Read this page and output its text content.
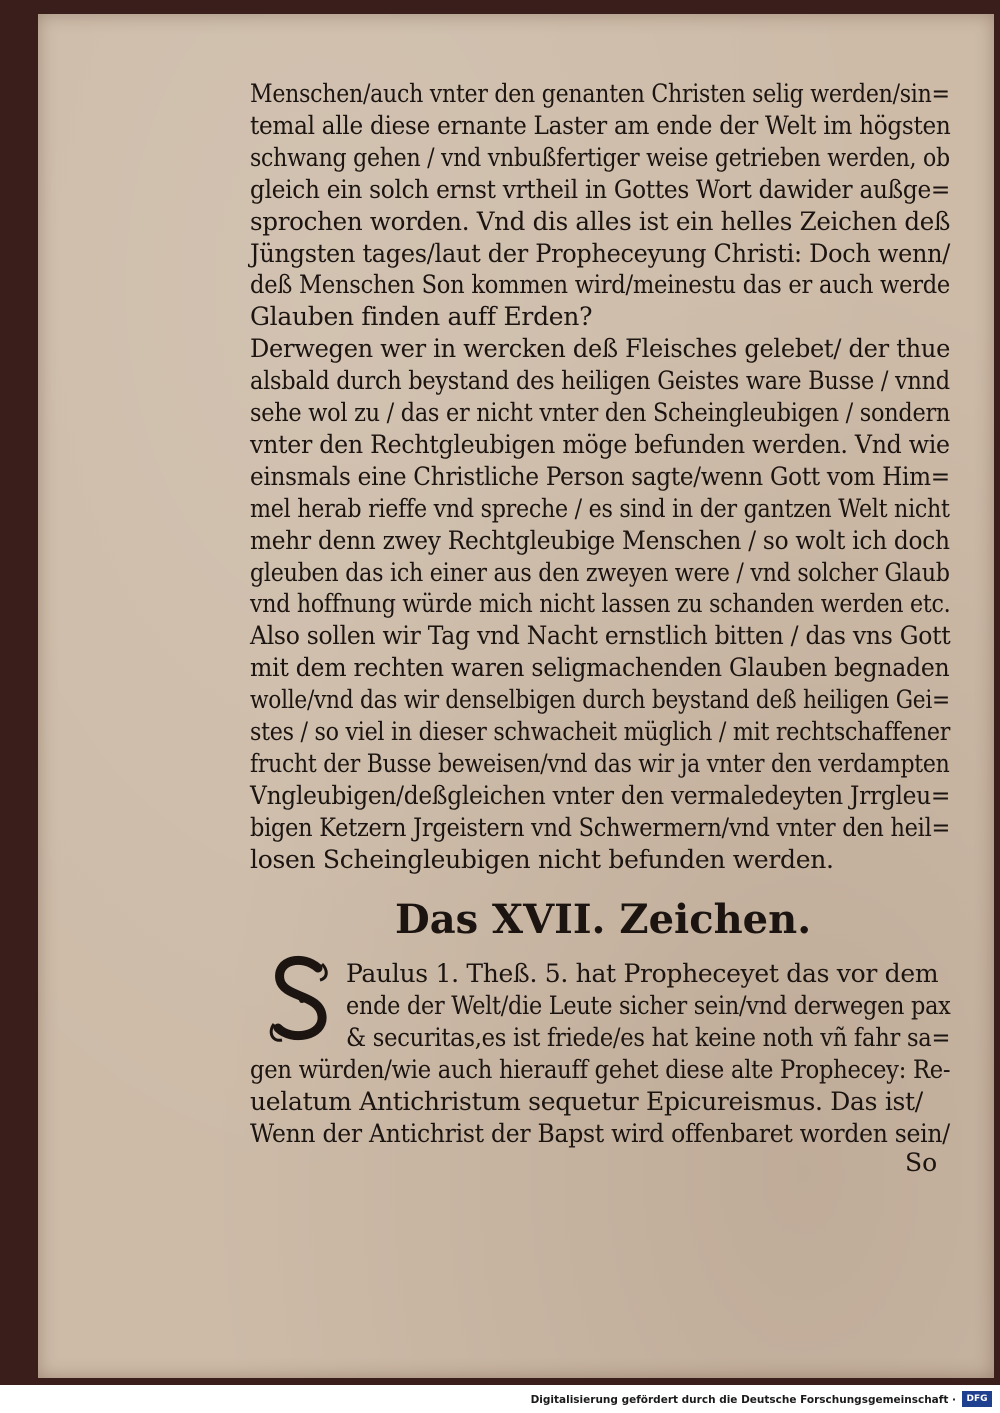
Menschen/auch vnter den genanten Christen selig werden/sin=
temal alle diese ernante Laster am ende der Welt im högsten
schwang gehen / vnd vnbußfertiger weise getrieben werden, ob
gleich ein solch ernst vrtheil in Gottes Wort dawider außge=
sprochen worden. Vnd dis alles ist ein helles Zeichen deß
Jüngsten tages/laut der Propheceyung Christi: Doch wenn/
deß Menschen Son kommen wird/meinestu das er auch werde
Glauben finden auff Erden?
Derwegen wer in wercken deß Fleisches gelebet/ der thue
alsbald durch beystand des heiligen Geistes ware Busse / vnnd
sehe wol zu / das er nicht vnter den Scheingleubigen / sondern
vnter den Rechtgleubigen möge befunden werden. Vnd wie
einsmals eine Christliche Person sagte/wenn Gott vom Him=
mel herab rieffe vnd spreche / es sind in der gantzen Welt nicht
mehr denn zwey Rechtgleubige Menschen / so wolt ich doch
gleuben das ich einer aus den zweyen were / vnd solcher Glaub
vnd hoffnung würde mich nicht lassen zu schanden werden etc.
Also sollen wir Tag vnd Nacht ernstlich bitten / das vns Gott
mit dem rechten waren seligmachenden Glauben begnaden
wolle/vnd das wir denselbigen durch beystand deß heiligen Gei=
stes / so viel in dieser schwacheit müglich / mit rechtschaffener
frucht der Busse beweisen/vnd das wir ja vnter den verdampten
Vngleubigen/deßgleichen vnter den vermaledeyten Jrrgleu=
bigen Ketzern Jrgeistern vnd Schwermern/vnd vnter den heil=
losen Scheingleubigen nicht befunden werden.
Das XVII. Zeichen.
Paulus 1. Theß. 5. hat Propheceyet das vor dem
ende der Welt/die Leute sicher sein/vnd derwegen pax
& securitas,es ist friede/es hat keine noth vñ fahr sa=
gen würden/wie auch hierauff gehet diese alte Prophecey: Re-
uelatum Antichristum sequetur Epicureismus. Das ist/
Wenn der Antichrist der Bapst wird offenbaret worden sein/
So
Digitalisierung gefördert durch die Deutsche Forschungsgemeinschaft ·	DFG
